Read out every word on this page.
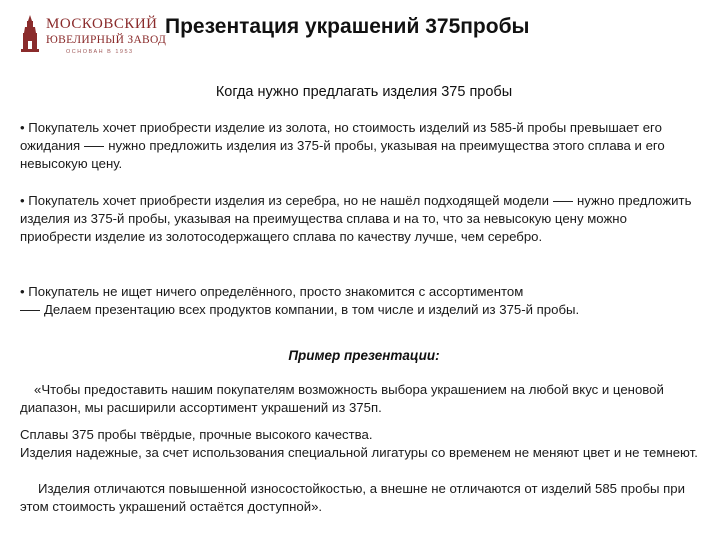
МОСКОВСКИЙ
ЮВЕЛИРНЫЙ ЗАВОД
ОСНОВАН В 1953
Презентация украшений 375пробы
Когда нужно предлагать изделия 375 пробы
• Покупатель хочет приобрести изделие из золота, но стоимость изделий из 585-й пробы превышает его ожидания нужно предложить изделия из 375-й пробы, указывая на преимущества этого сплава и его невысокую цену.
• Покупатель хочет приобрести изделия из серебра, но не нашёл подходящей модели нужно предложить изделия из 375-й пробы, указывая на преимущества сплава и на то, что за невысокую цену можно приобрести изделие из золотосодержащего сплава по качеству лучше, чем серебро.
• Покупатель не ищет ничего определённого, просто знакомится с ассортиментом
Делаем презентацию всех продуктов компании, в том числе и изделий из 375-й пробы.
Пример презентации:
«Чтобы предоставить нашим покупателям возможность выбора украшением на любой вкус и ценовой диапазон, мы расширили ассортимент украшений из 375п.
Сплавы 375 пробы твёрдые, прочные высокого качества.
Изделия надежные, за счет использования специальной лигатуры со временем не меняют цвет и не темнеют.
Изделия отличаются повышенной износостойкостью, а внешне не отличаются от изделий 585 пробы при этом стоимость украшений остаётся доступной».
